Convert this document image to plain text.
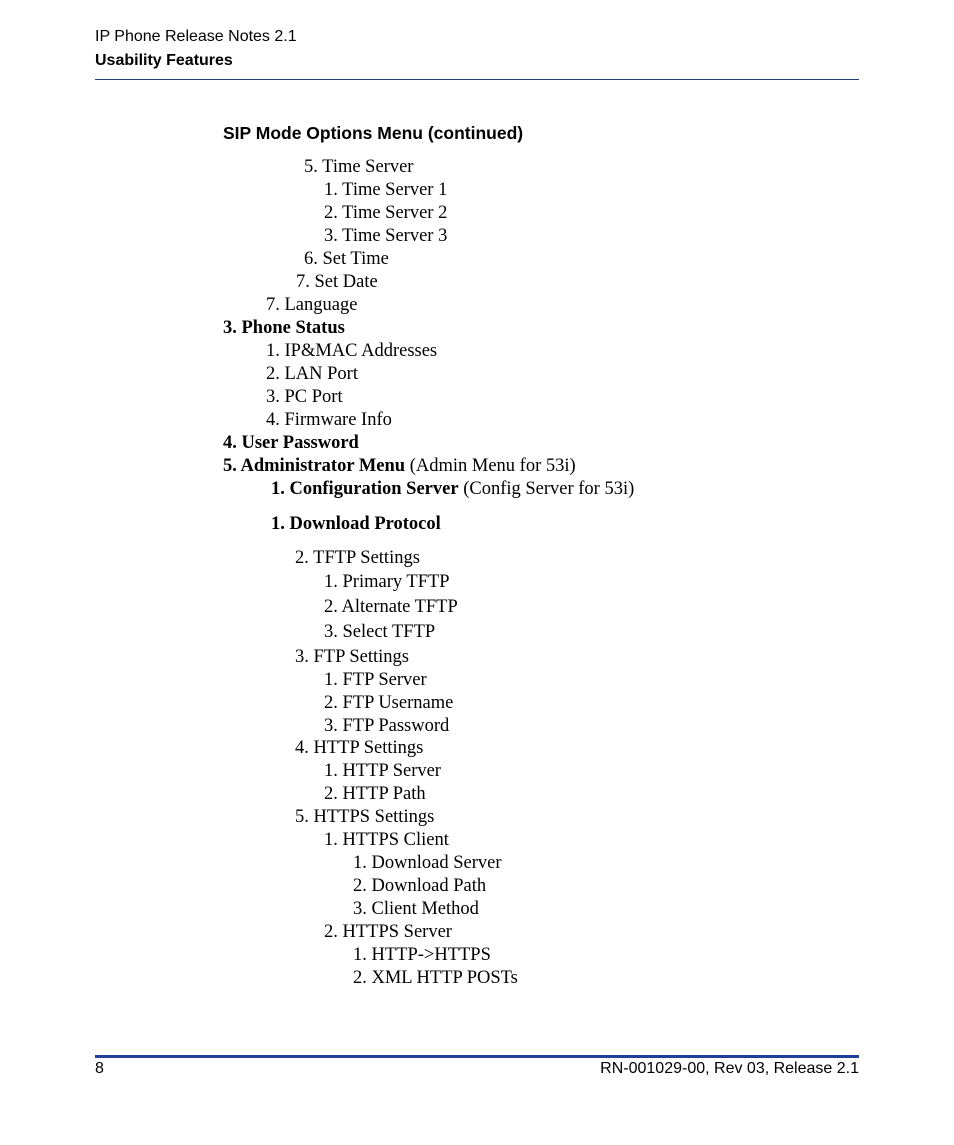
IP Phone Release Notes 2.1
Usability Features
SIP Mode Options Menu (continued)
5. Time Server
1. Time Server 1
2. Time Server 2
3. Time Server 3
6. Set Time
7. Set Date
7. Language
3. Phone Status
1. IP&MAC Addresses
2. LAN Port
3. PC Port
4. Firmware Info
4. User Password
5. Administrator Menu (Admin Menu for 53i)
1. Configuration Server (Config Server for 53i)
1. Download Protocol
2. TFTP Settings
1. Primary TFTP
2. Alternate TFTP
3. Select TFTP
3. FTP Settings
1. FTP Server
2. FTP Username
3. FTP Password
4. HTTP Settings
1. HTTP Server
2. HTTP Path
5. HTTPS Settings
1. HTTPS Client
1. Download Server
2. Download Path
3. Client Method
2. HTTPS Server
1. HTTP->HTTPS
2. XML HTTP POSTs
8	RN-001029-00, Rev 03, Release 2.1
